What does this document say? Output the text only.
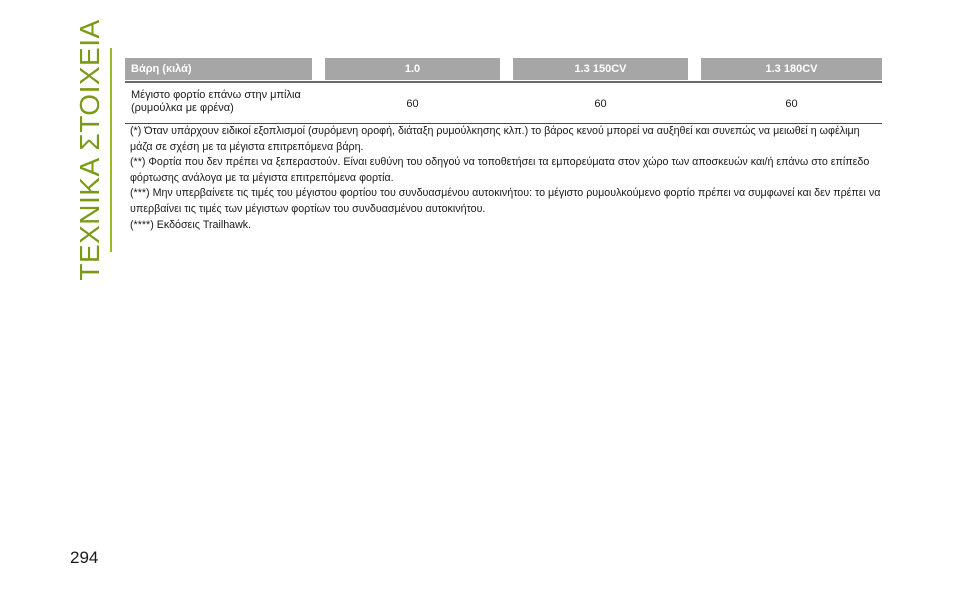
ΤΕΧΝΙΚΑ ΣΤΟΙΧΕΙΑ	Βάρη (κιλά)	1.0	1.3 150CV	1.3 180CV
Μέγιστο φορτίο επάνω στην μπίλια
(ρυμούλκα με φρένα)	60	60	60

(*) Όταν υπάρχουν ειδικοί εξοπλισμοί (συρόμενη οροφή, διάταξη ρυμούλκησης κλπ.) το βάρος κενού μπορεί να αυξηθεί και συνεπώς να μειωθεί η ωφέλιμη μάζα σε σχέση με τα μέγιστα επιτρεπόμενα βάρη.

(**) Φορτία που δεν πρέπει να ξεπεραστούν. Είναι ευθύνη του οδηγού να τοποθετήσει τα εμπορεύματα στον χώρο των αποσκευών και/ή επάνω στο επίπεδο φόρτωσης ανάλογα με τα μέγιστα επιτρεπόμενα φορτία.

(***) Μην υπερβαίνετε τις τιμές του μέγιστου φορτίου του συνδυασμένου αυτοκινήτου: το μέγιστο ρυμουλκούμενο φορτίο πρέπει να συμφωνεί και δεν πρέπει να υπερβαίνει τις τιμές των μέγιστων φορτίων του συνδυασμένου αυτοκινήτου.

(****) Εκδόσεις Trailhawk.

294
